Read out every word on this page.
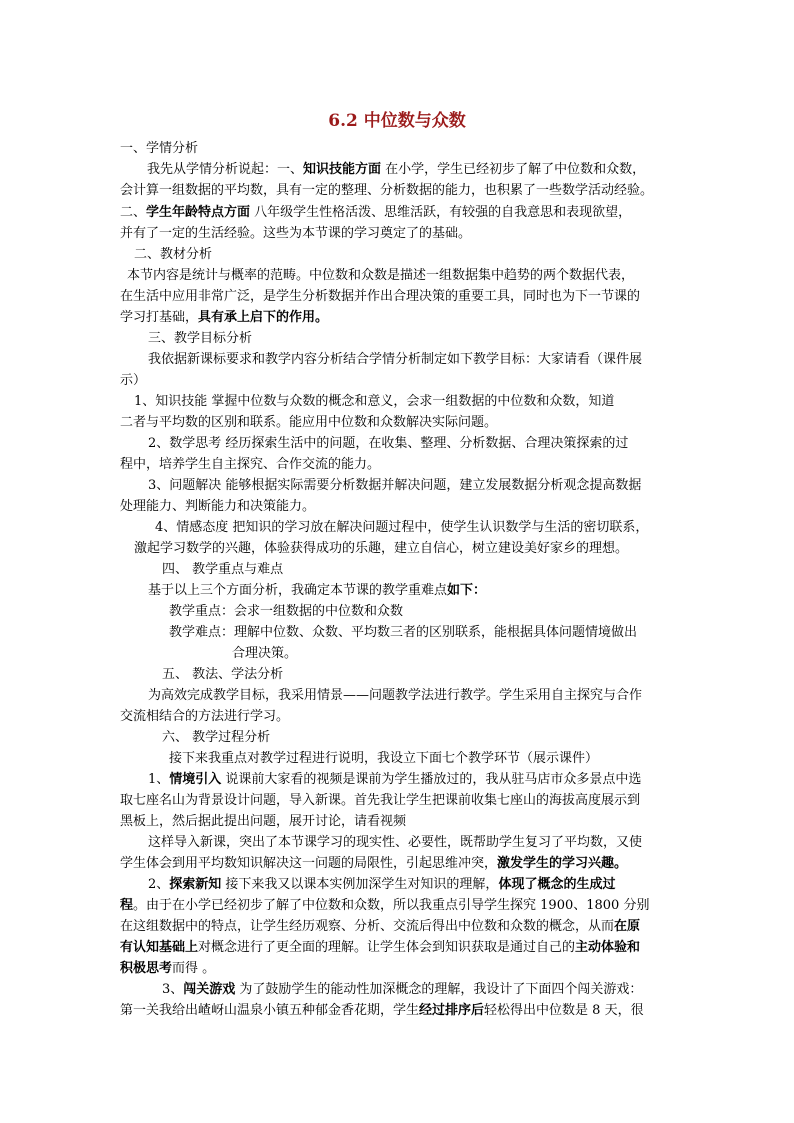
6.2 中位数与众数
一、学情分析
我先从学情分析说起：一、知识技能方面 在小学，学生已经初步了解了中位数和众数，
会计算一组数据的平均数，具有一定的整理、分析数据的能力，也积累了一些数学活动经验。
二、学生年龄特点方面 八年级学生性格活泼、思维活跃，有较强的自我意思和表现欲望，
并有了一定的生活经验。这些为本节课的学习奠定了的基础。
二、教材分析
本节内容是统计与概率的范畴。中位数和众数是描述一组数据集中趋势的两个数据代表，
在生活中应用非常广泛，是学生分析数据并作出合理决策的重要工具，同时也为下一节课的
学习打基础，具有承上启下的作用。
三、教学目标分析
我依据新课标要求和教学内容分析结合学情分析制定如下教学目标：大家请看（课件展
示）
1、知识技能 掌握中位数与众数的概念和意义，会求一组数据的中位数和众数，知道
二者与平均数的区别和联系。能应用中位数和众数解决实际问题。
2、数学思考 经历探索生活中的问题，在收集、整理、分析数据、合理决策探索的过
程中，培养学生自主探究、合作交流的能力。
3、问题解决 能够根据实际需要分析数据并解决问题，建立发展数据分析观念提高数据
处理能力、判断能力和决策能力。
4、情感态度 把知识的学习放在解决问题过程中，使学生认识数学与生活的密切联系，
激起学习数学的兴趣，体验获得成功的乐趣，建立自信心，树立建设美好家乡的理想。
四、 教学重点与难点
基于以上三个方面分析，我确定本节课的教学重难点如下：
教学重点：会求一组数据的中位数和众数
教学难点：理解中位数、众数、平均数三者的区别联系，能根据具体问题情境做出
合理决策。
五、 教法、学法分析
为高效完成教学目标，我采用情景——问题教学法进行教学。学生采用自主探究与合作
交流相结合的方法进行学习。
六、 教学过程分析
接下来我重点对教学过程进行说明，我设立下面七个教学环节（展示课件）
1、情境引入 说课前大家看的视频是课前为学生播放过的，我从驻马店市众多景点中选
取七座名山为背景设计问题，导入新课。首先我让学生把课前收集七座山的海拔高度展示到
黑板上，然后据此提出问题，展开讨论，请看视频
这样导入新课，突出了本节课学习的现实性、必要性，既帮助学生复习了平均数，又使
学生体会到用平均数知识解决这一问题的局限性，引起思维冲突，激发学生的学习兴趣。
2、探索新知 接下来我又以课本实例加深学生对知识的理解，体现了概念的生成过
程。由于在小学已经初步了解了中位数和众数，所以我重点引导学生探究 1900、1800 分别
在这组数据中的特点，让学生经历观察、分析、交流后得出中位数和众数的概念，从而在原
有认知基础上对概念进行了更全面的理解。让学生体会到知识获取是通过自己的主动体验和
积极思考而得 。
3、闯关游戏 为了鼓励学生的能动性加深概念的理解，我设计了下面四个闯关游戏：
第一关我给出嵖岈山温泉小镇五种郁金香花期，学生经过排序后轻松得出中位数是 8 天，很
